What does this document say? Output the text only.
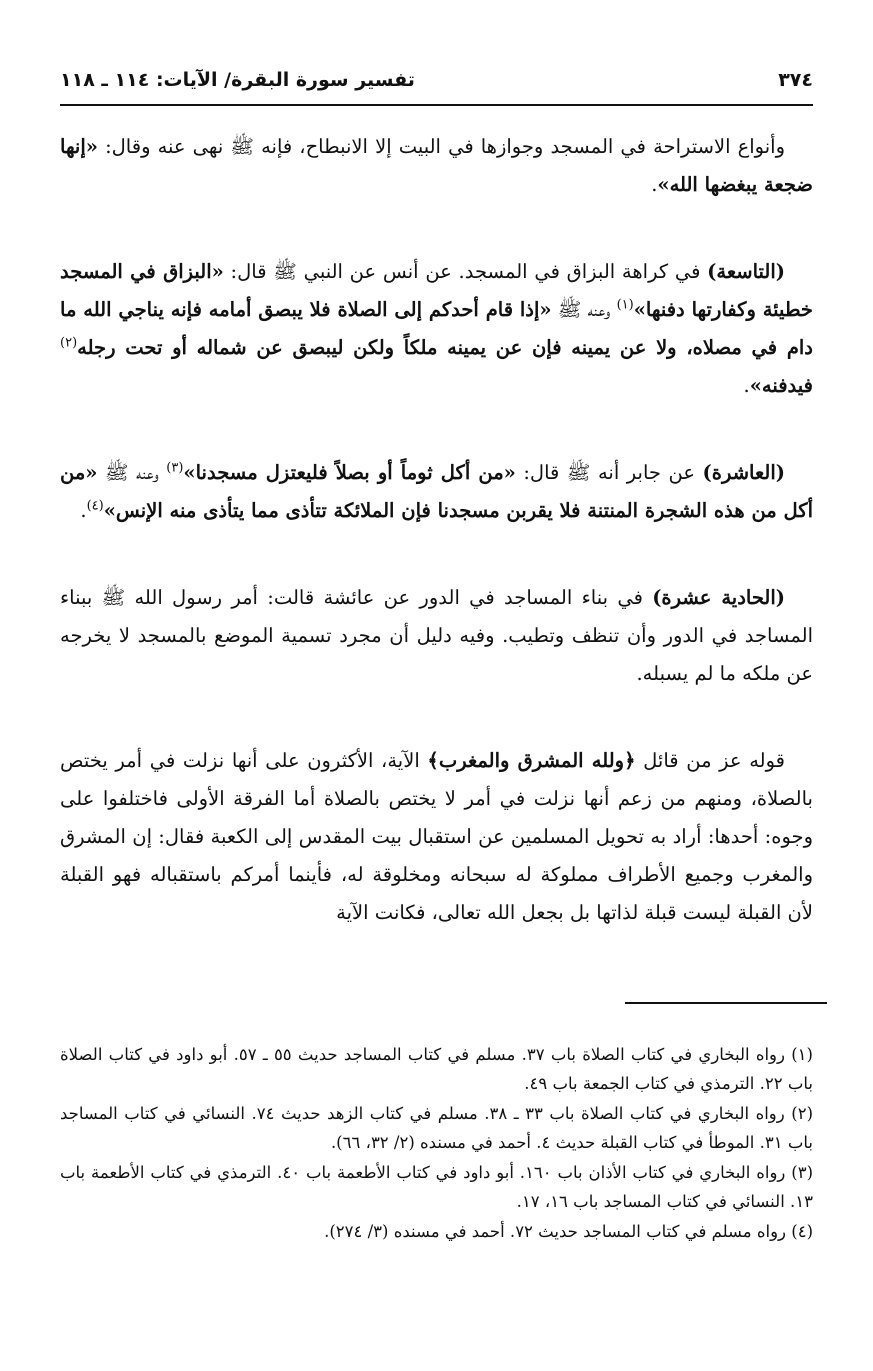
٣٧٤
تفسير سورة البقرة/ الآيات: ١١٤ ـ ١١٨

وأنواع الاستراحة في المسجد وجوازها في البيت إلا الانبطاح، فإنه ﷺ نهى عنه وقال: «إنها ضجعة يبغضها الله».

(التاسعة) في كراهة البزاق في المسجد. عن أنس عن النبي ﷺ قال: «البزاق في المسجد خطيئة وكفارتها دفنها»$^{(١)}$ وعنه ﷺ «إذا قام أحدكم إلى الصلاة فلا يبصق أمامه فإنه يناجي الله ما دام في مصلاه، ولا عن يمينه فإن عن يمينه ملكاً ولكن ليبصق عن شماله أو تحت رجله$^{(٢)}$ فيدفنه».

(العاشرة) عن جابر أنه ﷺ قال: «من أكل ثوماً أو بصلاً فليعتزل مسجدنا»$^{(٣)}$ وعنه ﷺ «من أكل من هذه الشجرة المنتنة فلا يقربن مسجدنا فإن الملائكة تتأذى مما يتأذى منه الإنس»$^{(٤)}$.

(الحادية عشرة) في بناء المساجد في الدور عن عائشة قالت: أمر رسول الله ﷺ ببناء المساجد في الدور وأن تنظف وتطيب. وفيه دليل أن مجرد تسمية الموضع بالمسجد لا يخرجه عن ملكه ما لم يسبله.

قوله عز من قائل ﴿ولله المشرق والمغرب﴾ الآية، الأكثرون على أنها نزلت في أمر يختص بالصلاة، ومنهم من زعم أنها نزلت في أمر لا يختص بالصلاة أما الفرقة الأولى فاختلفوا على وجوه: أحدها: أراد به تحويل المسلمين عن استقبال بيت المقدس إلى الكعبة فقال: إن المشرق والمغرب وجميع الأطراف مملوكة له سبحانه ومخلوقة له، فأينما أمركم باستقباله فهو القبلة لأن القبلة ليست قبلة لذاتها بل بجعل الله تعالى، فكانت الآية

(١) رواه البخاري في كتاب الصلاة باب ٣٧. مسلم في كتاب المساجد حديث ٥٥ ـ ٥٧. أبو داود في كتاب الصلاة باب ٢٢. الترمذي في كتاب الجمعة باب ٤٩.

(٢) رواه البخاري في كتاب الصلاة باب ٣٣ ـ ٣٨. مسلم في كتاب الزهد حديث ٧٤. النسائي في كتاب المساجد باب ٣١. الموطأ في كتاب القبلة حديث ٤. أحمد في مسنده (٢/ ٣٢، ٦٦).

(٣) رواه البخاري في كتاب الأذان باب ١٦٠. أبو داود في كتاب الأطعمة باب ٤٠. الترمذي في كتاب الأطعمة باب ١٣. النسائي في كتاب المساجد باب ١٦، ١٧.

(٤) رواه مسلم في كتاب المساجد حديث ٧٢. أحمد في مسنده (٣/ ٢٧٤).
